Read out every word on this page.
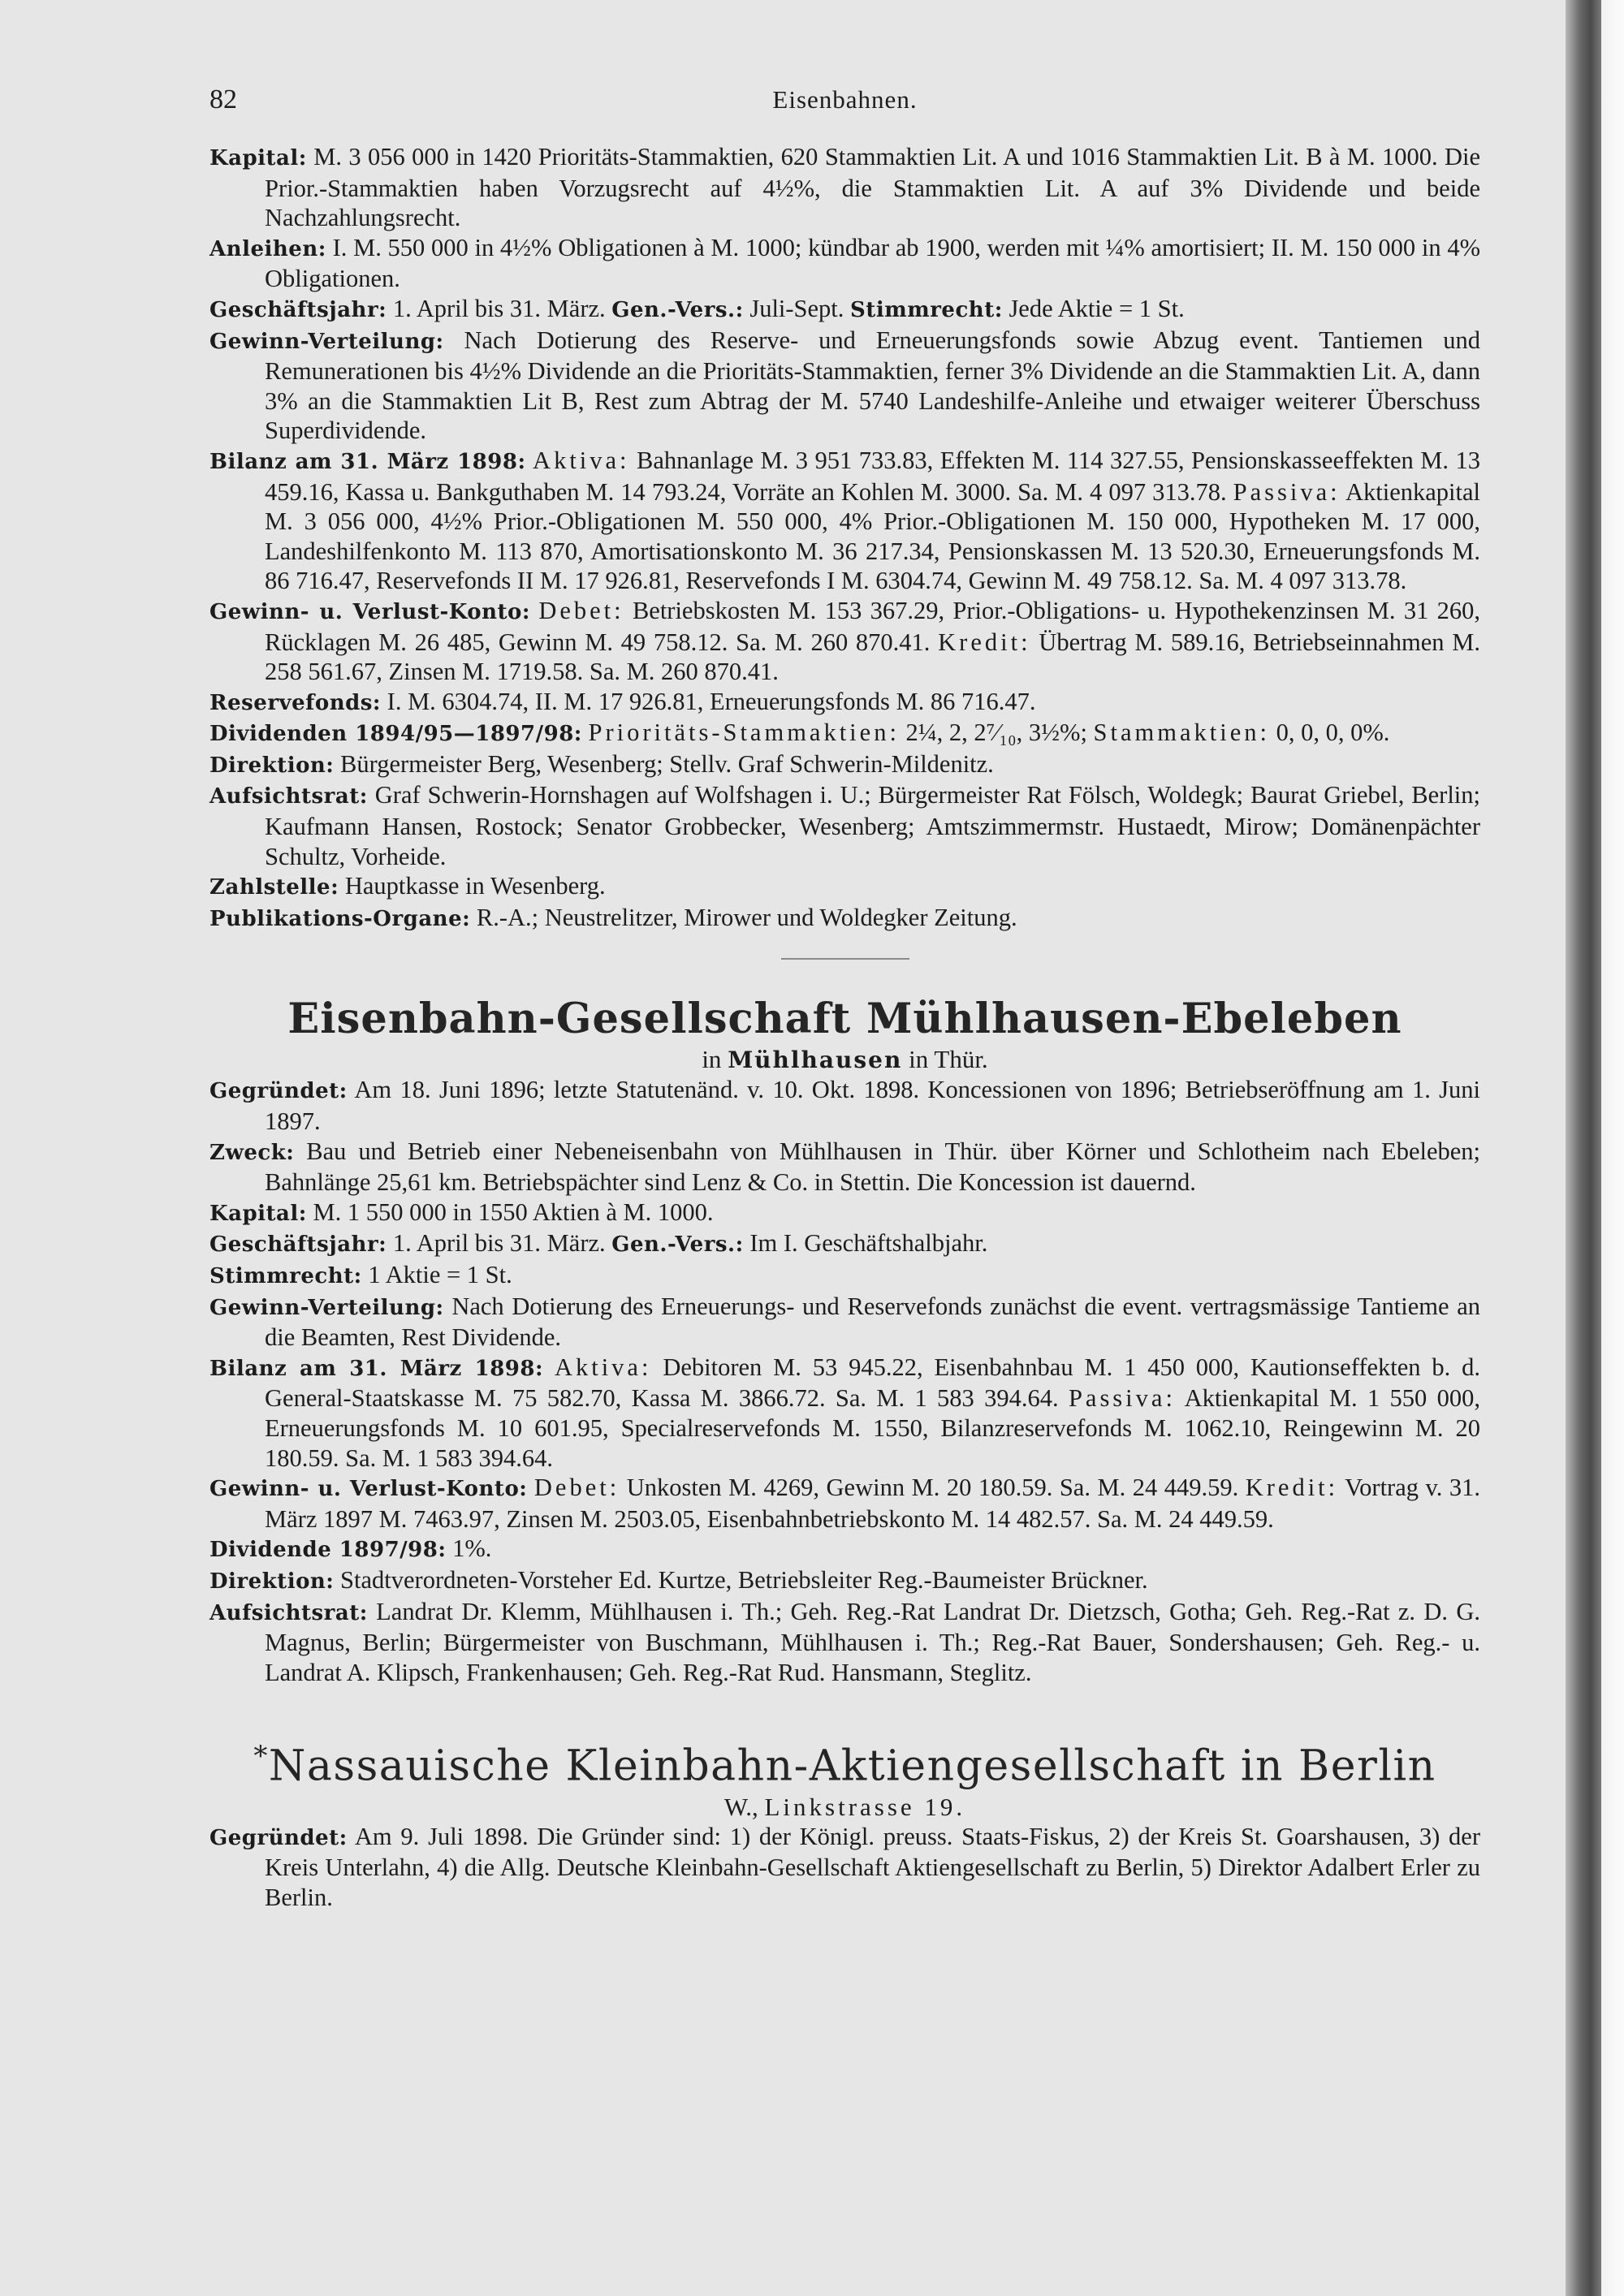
82	Eisenbahnen.

Kapital: M. 3 056 000 in 1420 Prioritäts-Stammaktien, 620 Stammaktien Lit. A und 1016 Stammaktien Lit. B à M. 1000. Die Prior.-Stammaktien haben Vorzugsrecht auf 4½%, die Stammaktien Lit. A auf 3% Dividende und beide Nachzahlungsrecht.

Anleihen: I. M. 550 000 in 4½% Obligationen à M. 1000; kündbar ab 1900, werden mit ¼% amortisiert; II. M. 150 000 in 4% Obligationen.

Geschäftsjahr: 1. April bis 31. März. Gen.-Vers.: Juli-Sept. Stimmrecht: Jede Aktie = 1 St.

Gewinn-Verteilung: Nach Dotierung des Reserve- und Erneuerungsfonds sowie Abzug event. Tantiemen und Remunerationen bis 4½% Dividende an die Prioritäts-Stammaktien, ferner 3% Dividende an die Stammaktien Lit. A, dann 3% an die Stammaktien Lit B, Rest zum Abtrag der M. 5740 Landeshilfe-Anleihe und etwaiger weiterer Überschuss Superdividende.

Bilanz am 31. März 1898: Aktiva: Bahnanlage M. 3 951 733.83, Effekten M. 114 327.55, Pensionskasseeffekten M. 13 459.16, Kassa u. Bankguthaben M. 14 793.24, Vorräte an Kohlen M. 3000. Sa. M. 4 097 313.78. Passiva: Aktienkapital M. 3 056 000, 4½% Prior.-Obligationen M. 550 000, 4% Prior.-Obligationen M. 150 000, Hypotheken M. 17 000, Landeshilfenkonto M. 113 870, Amortisationskonto M. 36 217.34, Pensionskassen M. 13 520.30, Erneuerungsfonds M. 86 716.47, Reservefonds II M. 17 926.81, Reservefonds I M. 6304.74, Gewinn M. 49 758.12. Sa. M. 4 097 313.78.

Gewinn- u. Verlust-Konto: Debet: Betriebskosten M. 153 367.29, Prior.-Obligations- u. Hypothekenzinsen M. 31 260, Rücklagen M. 26 485, Gewinn M. 49 758.12. Sa. M. 260 870.41. Kredit: Übertrag M. 589.16, Betriebseinnahmen M. 258 561.67, Zinsen M. 1719.58. Sa. M. 260 870.41.

Reservefonds: I. M. 6304.74, II. M. 17 926.81, Erneuerungsfonds M. 86 716.47.

Dividenden 1894/95—1897/98: Prioritäts-Stammaktien: 2¼, 2, 2⁷⁄₁₀, 3½%; Stammaktien: 0, 0, 0, 0%.

Direktion: Bürgermeister Berg, Wesenberg; Stellv. Graf Schwerin-Mildenitz.

Aufsichtsrat: Graf Schwerin-Hornshagen auf Wolfshagen i. U.; Bürgermeister Rat Fölsch, Woldegk; Baurat Griebel, Berlin; Kaufmann Hansen, Rostock; Senator Grobbecker, Wesenberg; Amtszimmermstr. Hustaedt, Mirow; Domänenpächter Schultz, Vorheide.

Zahlstelle: Hauptkasse in Wesenberg.

Publikations-Organe: R.-A.; Neustrelitzer, Mirower und Woldegker Zeitung.

Eisenbahn-Gesellschaft Mühlhausen-Ebeleben
in Mühlhausen in Thür.

Gegründet: Am 18. Juni 1896; letzte Statutenänd. v. 10. Okt. 1898. Koncessionen von 1896; Betriebseröffnung am 1. Juni 1897.

Zweck: Bau und Betrieb einer Nebeneisenbahn von Mühlhausen in Thür. über Körner und Schlotheim nach Ebeleben; Bahnlänge 25,61 km. Betriebspächter sind Lenz & Co. in Stettin. Die Koncession ist dauernd.

Kapital: M. 1 550 000 in 1550 Aktien à M. 1000.

Geschäftsjahr: 1. April bis 31. März. Gen.-Vers.: Im I. Geschäftshalbjahr.

Stimmrecht: 1 Aktie = 1 St.

Gewinn-Verteilung: Nach Dotierung des Erneuerungs- und Reservefonds zunächst die event. vertragsmässige Tantieme an die Beamten, Rest Dividende.

Bilanz am 31. März 1898: Aktiva: Debitoren M. 53 945.22, Eisenbahnbau M. 1 450 000, Kautionseffekten b. d. General-Staatskasse M. 75 582.70, Kassa M. 3866.72. Sa. M. 1 583 394.64. Passiva: Aktienkapital M. 1 550 000, Erneuerungsfonds M. 10 601.95, Specialreservefonds M. 1550, Bilanzreservefonds M. 1062.10, Reingewinn M. 20 180.59. Sa. M. 1 583 394.64.

Gewinn- u. Verlust-Konto: Debet: Unkosten M. 4269, Gewinn M. 20 180.59. Sa. M. 24 449.59. Kredit: Vortrag v. 31. März 1897 M. 7463.97, Zinsen M. 2503.05, Eisenbahnbetriebskonto M. 14 482.57. Sa. M. 24 449.59.

Dividende 1897/98: 1%.

Direktion: Stadtverordneten-Vorsteher Ed. Kurtze, Betriebsleiter Reg.-Baumeister Brückner.

Aufsichtsrat: Landrat Dr. Klemm, Mühlhausen i. Th.; Geh. Reg.-Rat Landrat Dr. Dietzsch, Gotha; Geh. Reg.-Rat z. D. G. Magnus, Berlin; Bürgermeister von Buschmann, Mühlhausen i. Th.; Reg.-Rat Bauer, Sondershausen; Geh. Reg.- u. Landrat A. Klipsch, Frankenhausen; Geh. Reg.-Rat Rud. Hansmann, Steglitz.

*Nassauische Kleinbahn-Aktiengesellschaft in Berlin
W., Linkstrasse 19.

Gegründet: Am 9. Juli 1898. Die Gründer sind: 1) der Königl. preuss. Staats-Fiskus, 2) der Kreis St. Goarshausen, 3) der Kreis Unterlahn, 4) die Allg. Deutsche Kleinbahn-Gesellschaft Aktiengesellschaft zu Berlin, 5) Direktor Adalbert Erler zu Berlin.
